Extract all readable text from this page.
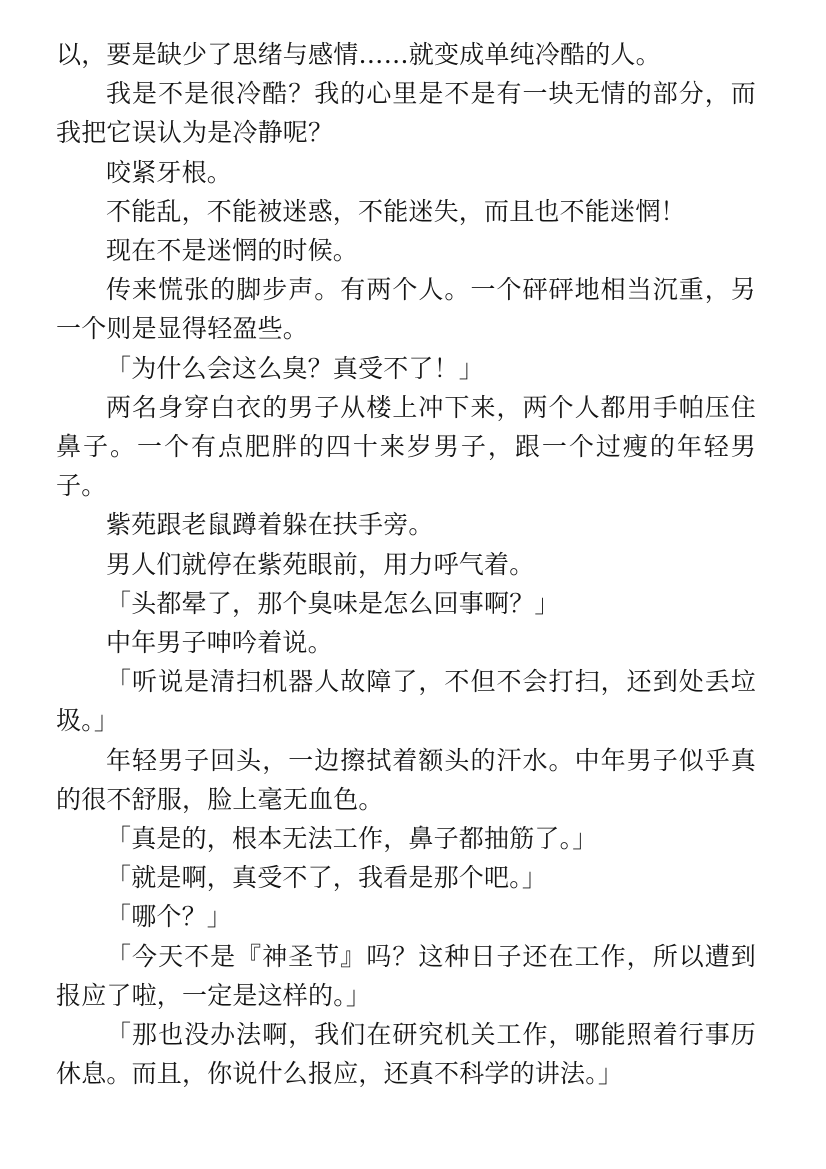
以，要是缺少了思绪与感情……就变成单纯冷酷的人。

我是不是很冷酷？我的心里是不是有一块无情的部分，而我把它误认为是冷静呢？

咬紧牙根。

不能乱，不能被迷惑，不能迷失，而且也不能迷惘！

现在不是迷惘的时候。

传来慌张的脚步声。有两个人。一个砰砰地相当沉重，另一个则是显得轻盈些。

「为什么会这么臭？真受不了！」

两名身穿白衣的男子从楼上冲下来，两个人都用手帕压住鼻子。一个有点肥胖的四十来岁男子，跟一个过瘦的年轻男子。

紫苑跟老鼠蹲着躲在扶手旁。

男人们就停在紫苑眼前，用力呼气着。

「头都晕了，那个臭味是怎么回事啊？」

中年男子呻吟着说。

「听说是清扫机器人故障了，不但不会打扫，还到处丢垃圾。」

年轻男子回头，一边擦拭着额头的汗水。中年男子似乎真的很不舒服，脸上毫无血色。

「真是的，根本无法工作，鼻子都抽筋了。」

「就是啊，真受不了，我看是那个吧。」

「哪个？」

「今天不是『神圣节』吗？这种日子还在工作，所以遭到报应了啦，一定是这样的。」

「那也没办法啊，我们在研究机关工作，哪能照着行事历休息。而且，你说什么报应，还真不科学的讲法。」
